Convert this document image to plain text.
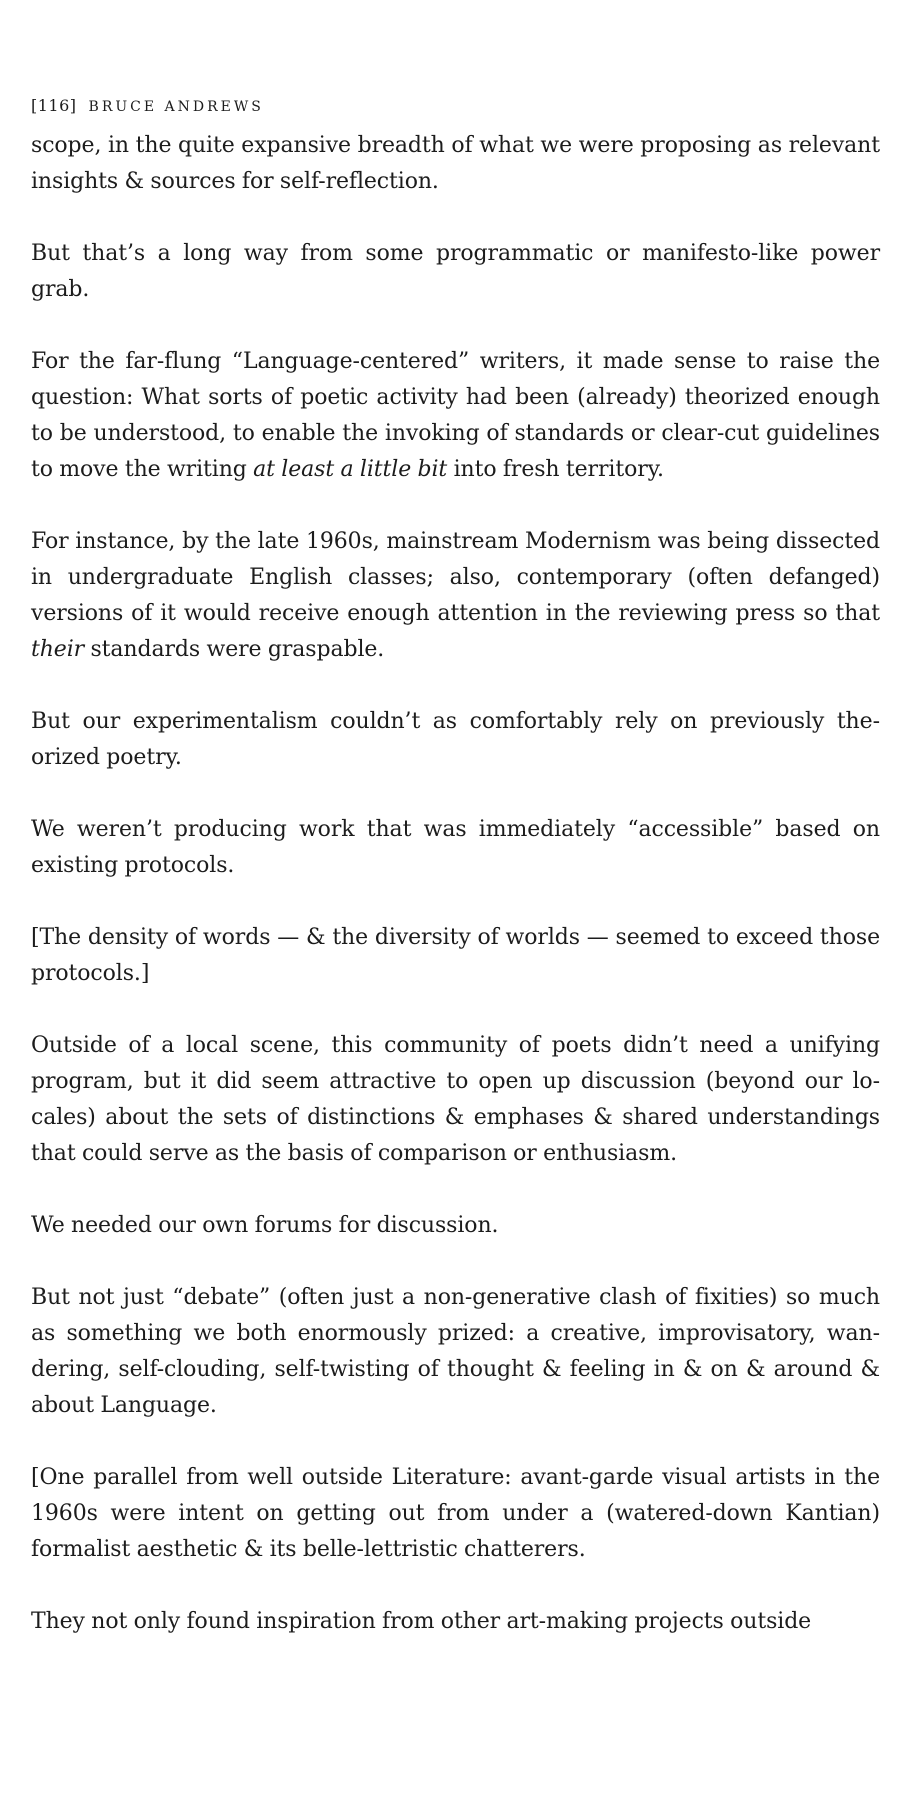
[116] BRUCE ANDREWS

scope, in the quite expansive breadth of what we were proposing as relevant insights & sources for self-reflection.

But that’s a long way from some programmatic or manifesto-like power grab.

For the far-flung “Language-centered” writers, it made sense to raise the question: What sorts of poetic activity had been (already) theorized enough to be understood, to enable the invoking of standards or clear-cut guidelines to move the writing at least a little bit into fresh territory.

For instance, by the late 1960s, mainstream Modernism was being dissected in undergraduate English classes; also, contemporary (often defanged) versions of it would receive enough attention in the reviewing press so that their standards were graspable.

But our experimentalism couldn’t as comfortably rely on previously theorized poetry.

We weren’t producing work that was immediately “accessible” based on existing protocols.

[The density of words — & the diversity of worlds — seemed to exceed those protocols.]

Outside of a local scene, this community of poets didn’t need a unifying program, but it did seem attractive to open up discussion (beyond our locales) about the sets of distinctions & emphases & shared understandings that could serve as the basis of comparison or enthusiasm.

We needed our own forums for discussion.

But not just “debate” (often just a non-generative clash of fixities) so much as something we both enormously prized: a creative, improvisatory, wandering, self-clouding, self-twisting of thought & feeling in & on & around & about Language.

[One parallel from well outside Literature: avant-garde visual artists in the 1960s were intent on getting out from under a (watered-down Kantian) formalist aesthetic & its belle-lettristic chatterers.

They not only found inspiration from other art-making projects outside
